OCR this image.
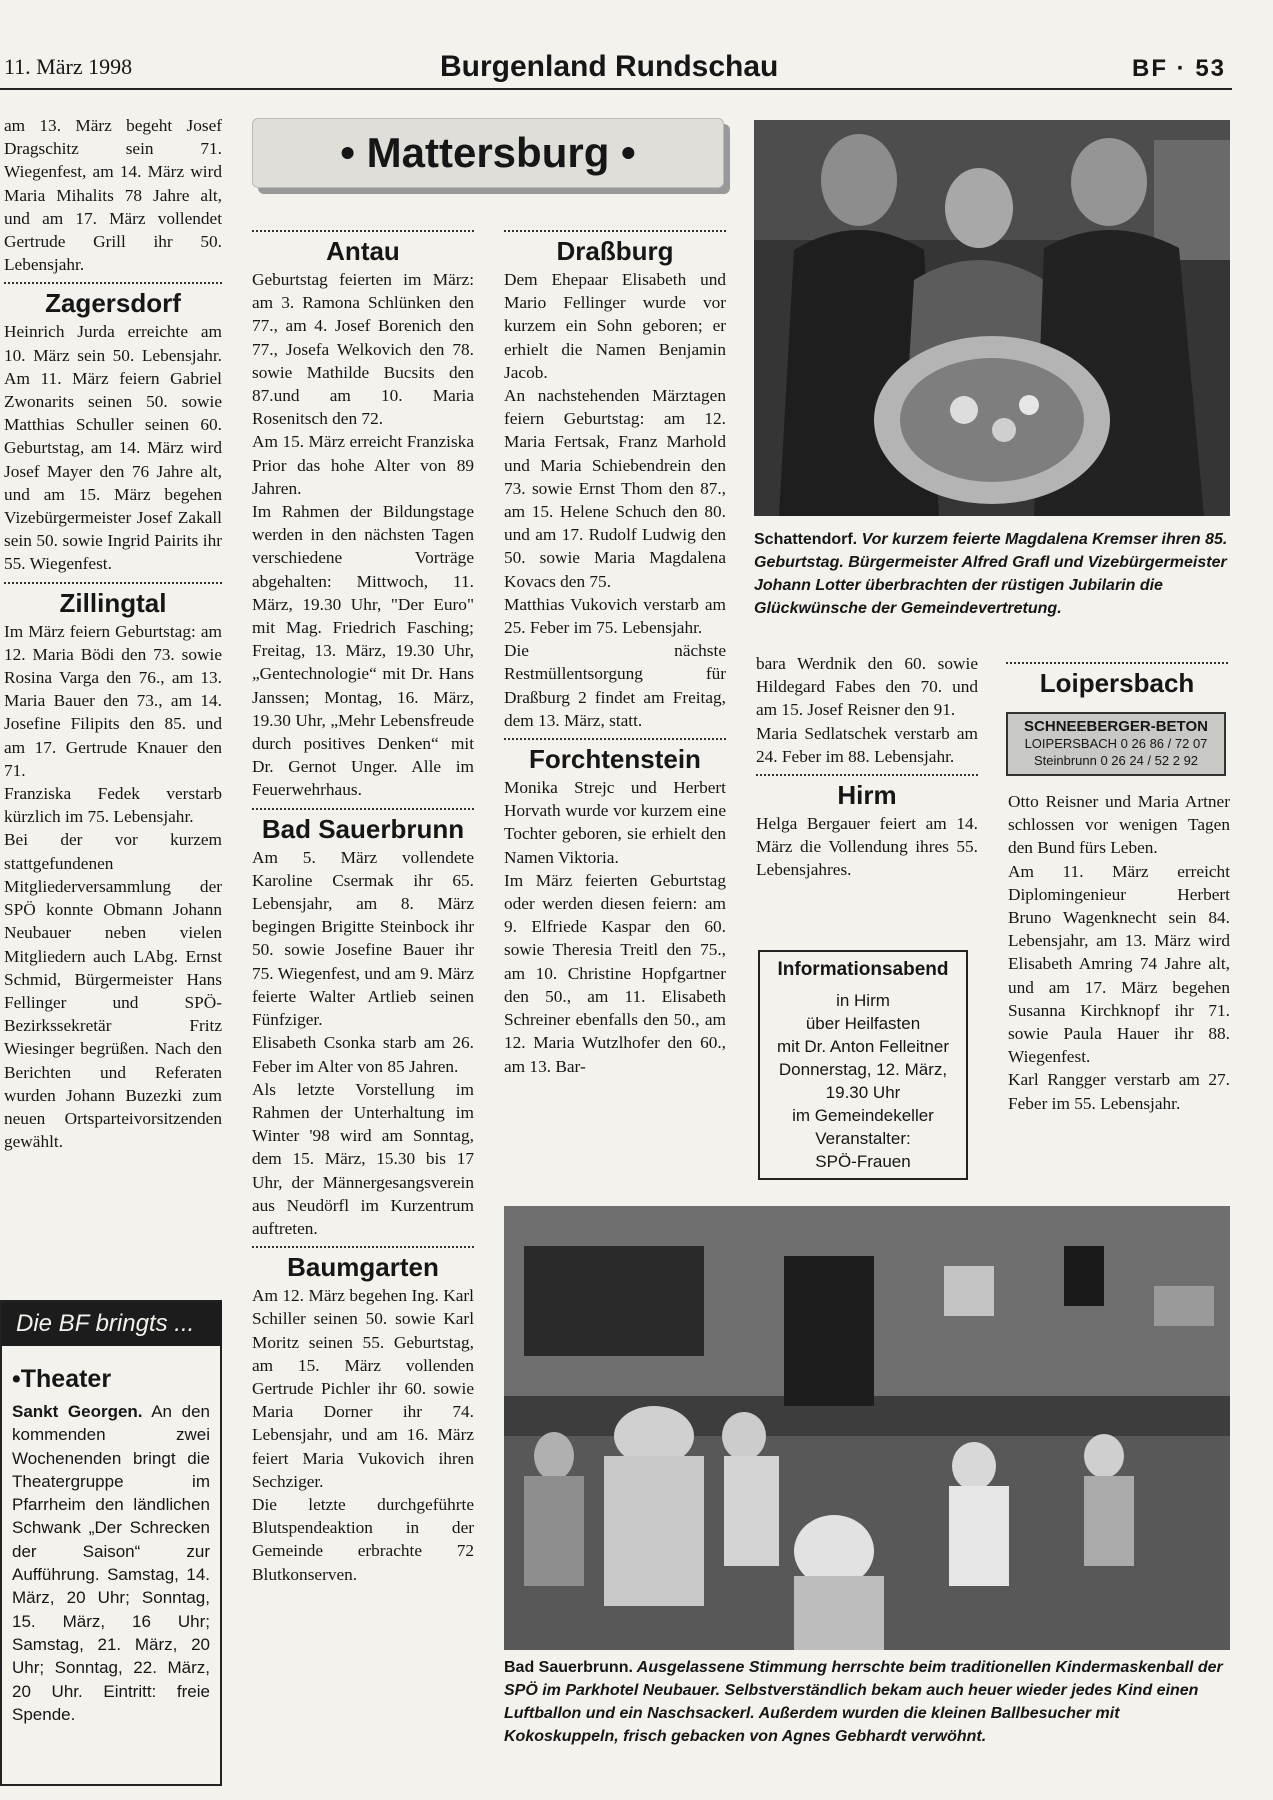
11. März 1998	Burgenland Rundschau	BF · 53
• Mattersburg •

am 13. März begeht Josef Dragschitz sein 71. Wiegenfest, am 14. März wird Maria Mihalits 78 Jahre alt, und am 17. März vollendet Gertrude Grill ihr 50. Lebensjahr.

Zagersdorf

Heinrich Jurda erreichte am 10. März sein 50. Lebensjahr. Am 11. März feiern Gabriel Zwonarits seinen 50. sowie Matthias Schuller seinen 60. Geburtstag, am 14. März wird Josef Mayer den 76 Jahre alt, und am 15. März begehen Vizebürgermeister Josef Zakall sein 50. sowie Ingrid Pairits ihr 55. Wiegenfest.

Zillingtal

Im März feiern Geburtstag: am 12. Maria Bödi den 73. sowie Rosina Varga den 76., am 13. Maria Bauer den 73., am 14. Josefine Filipits den 85. und am 17. Gertrude Knauer den 71.

Franziska Fedek verstarb kürzlich im 75. Lebensjahr.

Bei der vor kurzem stattgefundenen Mitgliederversammlung der SPÖ konnte Obmann Johann Neubauer neben vielen Mitgliedern auch LAbg. Ernst Schmid, Bürgermeister Hans Fellinger und SPÖ-Bezirkssekretär Fritz Wiesinger begrüßen. Nach den Berichten und Referaten wurden Johann Buzezki zum neuen Ortsparteivorsitzenden gewählt.

Die BF bringts ...
•Theater

Sankt Georgen. An den kommenden zwei Wochenenden bringt die Theatergruppe im Pfarrheim den ländlichen Schwank „Der Schrecken der Saison“ zur Aufführung. Samstag, 14. März, 20 Uhr; Sonntag, 15. März, 16 Uhr; Samstag, 21. März, 20 Uhr; Sonntag, 22. März, 20 Uhr. Eintritt: freie Spende.

Antau

Geburtstag feierten im März: am 3. Ramona Schlünken den 77., am 4. Josef Borenich den 77., Josefa Welkovich den 78. sowie Mathilde Bucsits den 87.und am 10. Maria Rosenitsch den 72.

Am 15. März erreicht Franziska Prior das hohe Alter von 89 Jahren.

Im Rahmen der Bildungstage werden in den nächsten Tagen verschiedene Vorträge abgehalten: Mittwoch, 11. März, 19.30 Uhr, "Der Euro" mit Mag. Friedrich Fasching; Freitag, 13. März, 19.30 Uhr, „Gentechnologie“ mit Dr. Hans Janssen; Montag, 16. März, 19.30 Uhr, „Mehr Lebensfreude durch positives Denken“ mit Dr. Gernot Unger. Alle im Feuerwehrhaus.

Bad Sauerbrunn

Am 5. März vollendete Karoline Csermak ihr 65. Lebensjahr, am 8. März begingen Brigitte Steinbock ihr 50. sowie Josefine Bauer ihr 75. Wiegenfest, und am 9. März feierte Walter Artlieb seinen Fünfziger.

Elisabeth Csonka starb am 26. Feber im Alter von 85 Jahren.

Als letzte Vorstellung im Rahmen der Unterhaltung im Winter '98 wird am Sonntag, dem 15. März, 15.30 bis 17 Uhr, der Männergesangsverein aus Neudörfl im Kurzentrum auftreten.

Baumgarten

Am 12. März begehen Ing. Karl Schiller seinen 50. sowie Karl Moritz seinen 55. Geburtstag, am 15. März vollenden Gertrude Pichler ihr 60. sowie Maria Dorner ihr 74. Lebensjahr, und am 16. März feiert Maria Vukovich ihren Sechziger.

Die letzte durchgeführte Blutspendeaktion in der Gemeinde erbrachte 72 Blutkonserven.

Draßburg

Dem Ehepaar Elisabeth und Mario Fellinger wurde vor kurzem ein Sohn geboren; er erhielt die Namen Benjamin Jacob.

An nachstehenden Märztagen feiern Geburtstag: am 12. Maria Fertsak, Franz Marhold und Maria Schiebendrein den 73. sowie Ernst Thom den 87., am 15. Helene Schuch den 80. und am 17. Rudolf Ludwig den 50. sowie Maria Magdalena Kovacs den 75.

Matthias Vukovich verstarb am 25. Feber im 75. Lebensjahr.

Die nächste Restmüllentsorgung für Draßburg 2 findet am Freitag, dem 13. März, statt.

Forchtenstein

Monika Strejc und Herbert Horvath wurde vor kurzem eine Tochter geboren, sie erhielt den Namen Viktoria.

Im März feierten Geburtstag oder werden diesen feiern: am 9. Elfriede Kaspar den 60. sowie Theresia Treitl den 75., am 10. Christine Hopfgartner den 50., am 11. Elisabeth Schreiner ebenfalls den 50., am 12. Maria Wutzlhofer den 60., am 13. Bar-

Schattendorf. Vor kurzem feierte Magdalena Kremser ihren 85. Geburtstag. Bürgermeister Alfred Grafl und Vizebürgermeister Johann Lotter überbrachten der rüstigen Jubilarin die Glückwünsche der Gemeindevertretung.

bara Werdnik den 60. sowie Hildegard Fabes den 70. und am 15. Josef Reisner den 91.

Maria Sedlatschek verstarb am 24. Feber im 88. Lebensjahr.

Hirm

Helga Bergauer feiert am 14. März die Vollendung ihres 55. Lebensjahres.

Informationsabend
in Hirm
über Heilfasten
mit Dr. Anton Felleitner
Donnerstag, 12. März,
19.30 Uhr
im Gemeindekeller
Veranstalter:
SPÖ-Frauen
Loipersbach
SCHNEEBERGER-BETON
LOIPERSBACH 0 26 86 / 72 07
Steinbrunn 0 26 24 / 52 2 92

Otto Reisner und Maria Artner schlossen vor wenigen Tagen den Bund fürs Leben.

Am 11. März erreicht Diplomingenieur Herbert Bruno Wagenknecht sein 84. Lebensjahr, am 13. März wird Elisabeth Amring 74 Jahre alt, und am 17. März begehen Susanna Kirchknopf ihr 71. sowie Paula Hauer ihr 88. Wiegenfest.

Karl Rangger verstarb am 27. Feber im 55. Lebensjahr.

Bad Sauerbrunn. Ausgelassene Stimmung herrschte beim traditionellen Kindermaskenball der SPÖ im Parkhotel Neubauer. Selbstverständlich bekam auch heuer wieder jedes Kind einen Luftballon und ein Naschsackerl. Außerdem wurden die kleinen Ballbesucher mit Kokoskuppeln, frisch gebacken von Agnes Gebhardt verwöhnt.
